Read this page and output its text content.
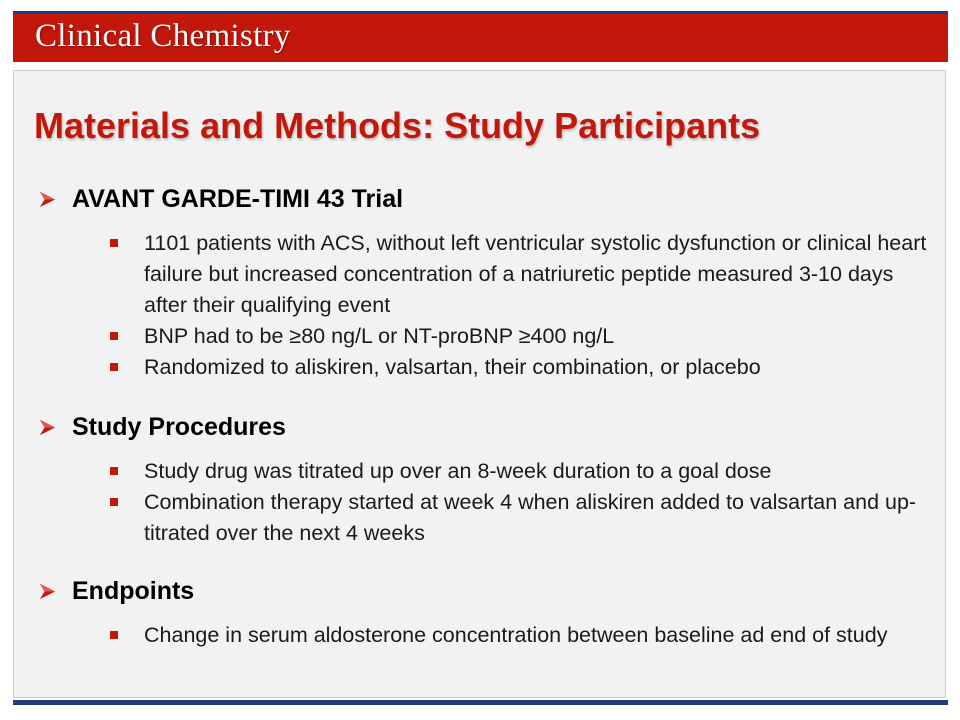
Clinical Chemistry
Materials and Methods: Study Participants
AVANT GARDE-TIMI 43 Trial
1101 patients with ACS, without left ventricular systolic dysfunction or clinical heart failure but increased concentration of a natriuretic peptide measured 3-10 days after their qualifying event
BNP had to be ≥80 ng/L or NT-proBNP ≥400 ng/L
Randomized to aliskiren, valsartan, their combination, or placebo
Study Procedures
Study drug was titrated up over an 8-week duration to a goal dose
Combination therapy started at week 4 when aliskiren added to valsartan and up-titrated over the next 4 weeks
Endpoints
Change in serum aldosterone concentration between baseline ad end of study
